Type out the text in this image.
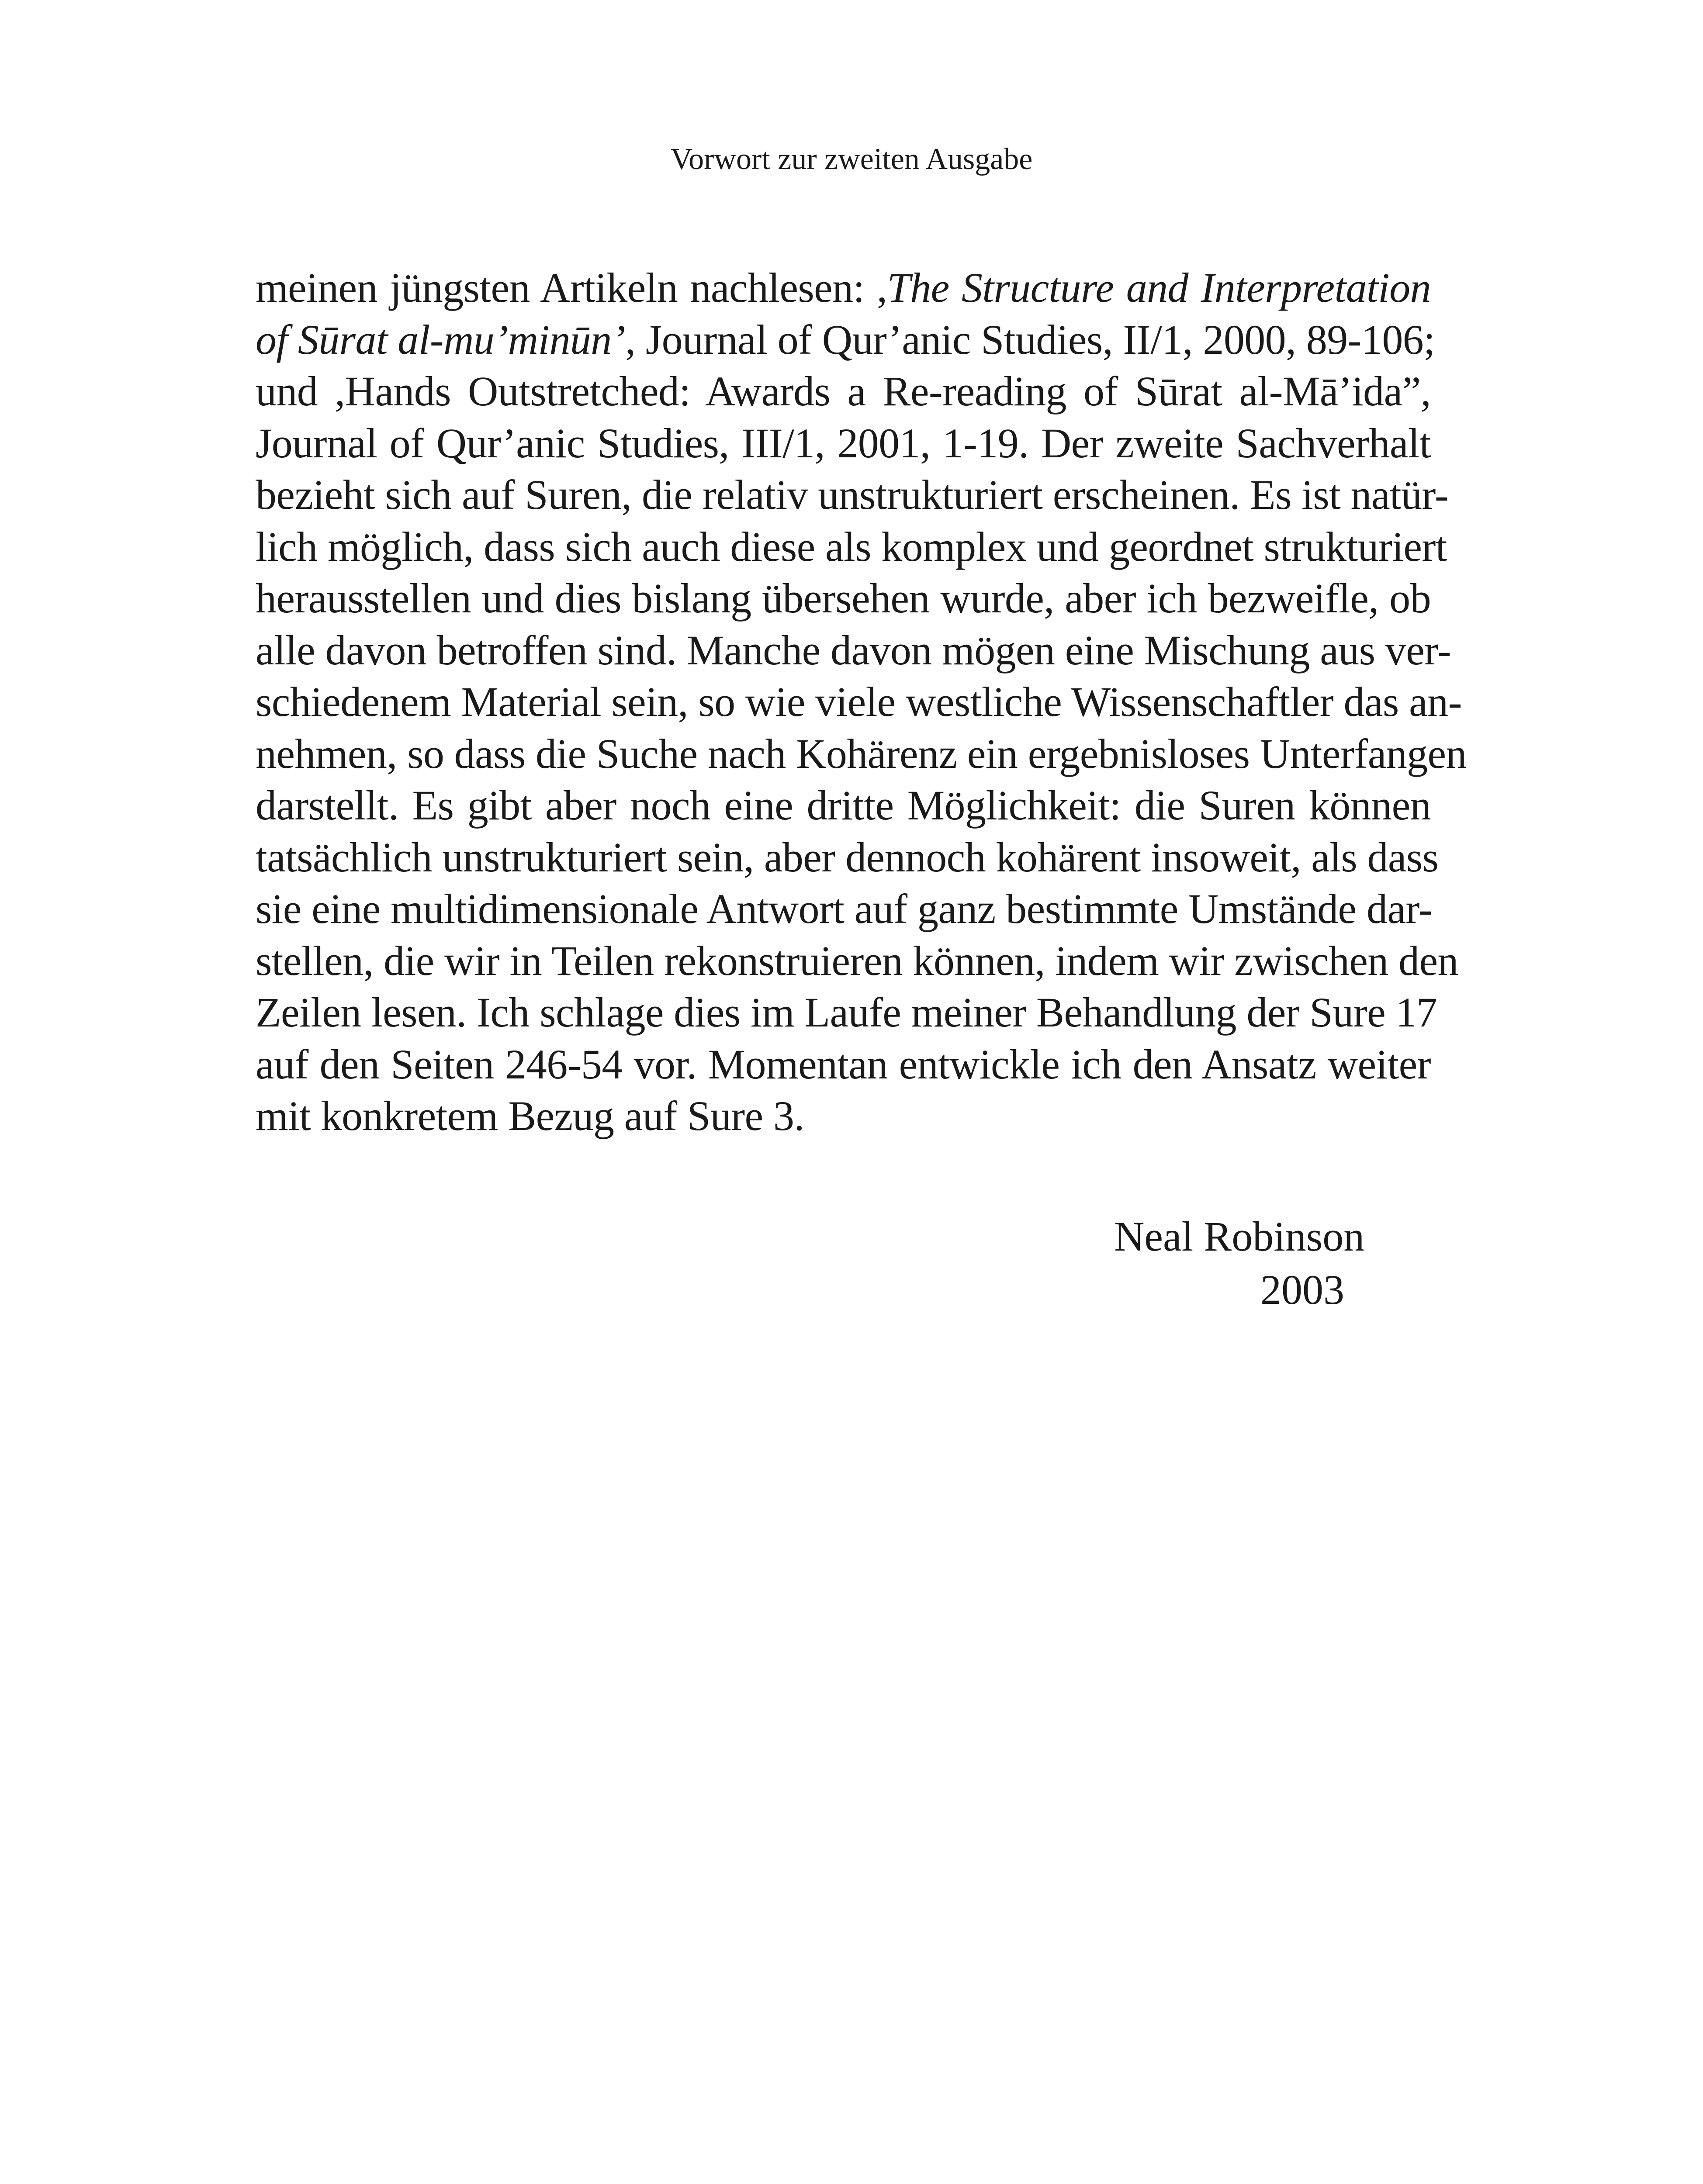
Vorwort zur zweiten Ausgabe
meinen jüngsten Artikeln nachlesen: ,The Structure and Interpretation
of Sūrat al-mu’minūn’, Journal of Qur’anic Studies, II/1, 2000, 89-106;
und ,Hands Outstretched: Awards a Re-reading of Sūrat al-Mā’ida”,
Journal of Qur’anic Studies, III/1, 2001, 1-19. Der zweite Sachverhalt
bezieht sich auf Suren, die relativ unstrukturiert erscheinen. Es ist natür-
lich möglich, dass sich auch diese als komplex und geordnet strukturiert
herausstellen und dies bislang übersehen wurde, aber ich bezweifle, ob
alle davon betroffen sind. Manche davon mögen eine Mischung aus ver-
schiedenem Material sein, so wie viele westliche Wissenschaftler das an-
nehmen, so dass die Suche nach Kohärenz ein ergebnisloses Unterfangen
darstellt. Es gibt aber noch eine dritte Möglichkeit: die Suren können
tatsächlich unstrukturiert sein, aber dennoch kohärent insoweit, als dass
sie eine multidimensionale Antwort auf ganz bestimmte Umstände dar-
stellen, die wir in Teilen rekonstruieren können, indem wir zwischen den
Zeilen lesen. Ich schlage dies im Laufe meiner Behandlung der Sure 17
auf den Seiten 246-54 vor. Momentan entwickle ich den Ansatz weiter
mit konkretem Bezug auf Sure 3.
Neal Robinson
2003
